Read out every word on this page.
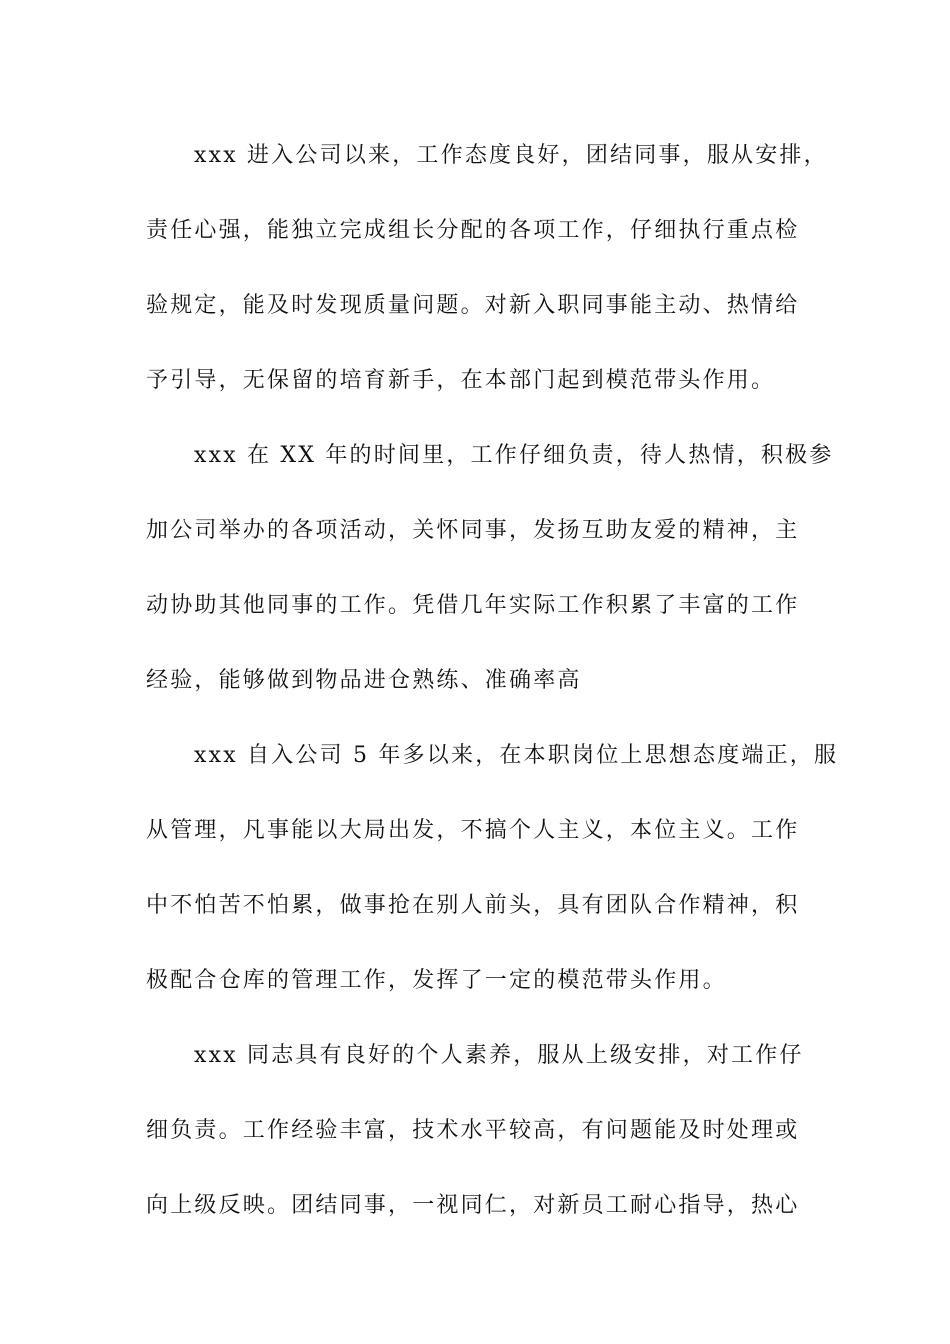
xxx 进入公司以来，工作态度良好，团结同事，服从安排，
责任心强，能独立完成组长分配的各项工作，仔细执行重点检
验规定，能及时发现质量问题。对新入职同事能主动、热情给
予引导，无保留的培育新手，在本部门起到模范带头作用。
xxx 在 XX 年的时间里，工作仔细负责，待人热情，积极参
加公司举办的各项活动，关怀同事，发扬互助友爱的精神，主
动协助其他同事的工作。凭借几年实际工作积累了丰富的工作
经验，能够做到物品进仓熟练、准确率高
xxx 自入公司 5 年多以来，在本职岗位上思想态度端正，服
从管理，凡事能以大局出发，不搞个人主义，本位主义。工作
中不怕苦不怕累，做事抢在别人前头，具有团队合作精神，积
极配合仓库的管理工作，发挥了一定的模范带头作用。
xxx 同志具有良好的个人素养，服从上级安排，对工作仔
细负责。工作经验丰富，技术水平较高，有问题能及时处理或
向上级反映。团结同事，一视同仁，对新员工耐心指导，热心
